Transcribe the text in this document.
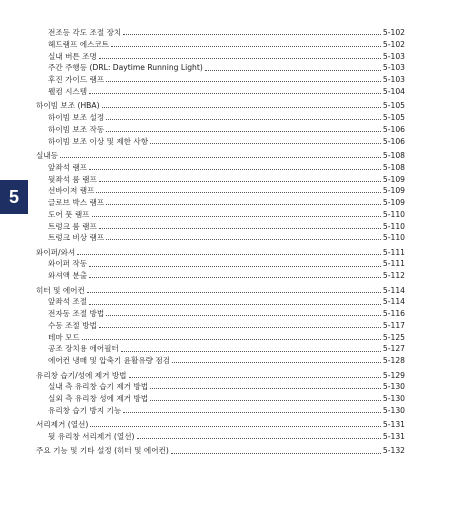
5
전조등 각도 조절 장치	5-102
헤드램프 에스코트	5-102
실내 버튼 조명	5-103
주간 주행등 (DRL: Daytime Running Light)	5-103
후진 가이드 램프	5-103
웰컴 시스템	5-104
하이빔 보조 (HBA)	5-105
하이빔 보조 설정	5-105
하이빔 보조 작동	5-106
하이빔 보조 이상 및 제한 사항	5-106
실내등	5-108
앞좌석 램프	5-108
뒷좌석 룸 램프	5-109
선바이저 램프	5-109
글로브 박스 램프	5-109
도어 풋 램프	5-110
트렁크 룸 램프	5-110
트렁크 비상 램프	5-110
와이퍼/와셔	5-111
와이퍼 작동	5-111
와셔액 분출	5-112
히터 및 에어컨	5-114
앞좌석 조절	5-114
전자동 조절 방법	5-116
수동 조절 방법	5-117
테마 모드	5-125
공조 장치용 에어필터	5-127
에어컨 냉매 및 압축기 윤활유량 점검	5-128
유리창 습기/성에 제거 방법	5-129
실내 측 유리창 습기 제거 방법	5-130
실외 측 유리창 성에 제거 방법	5-130
유리창 습기 방지 기능	5-130
서리제거 (열선)	5-131
뒷 유리창 서리제거 (열선)	5-131
주요 기능 및 기타 설정 (히터 및 에어컨)	5-132
